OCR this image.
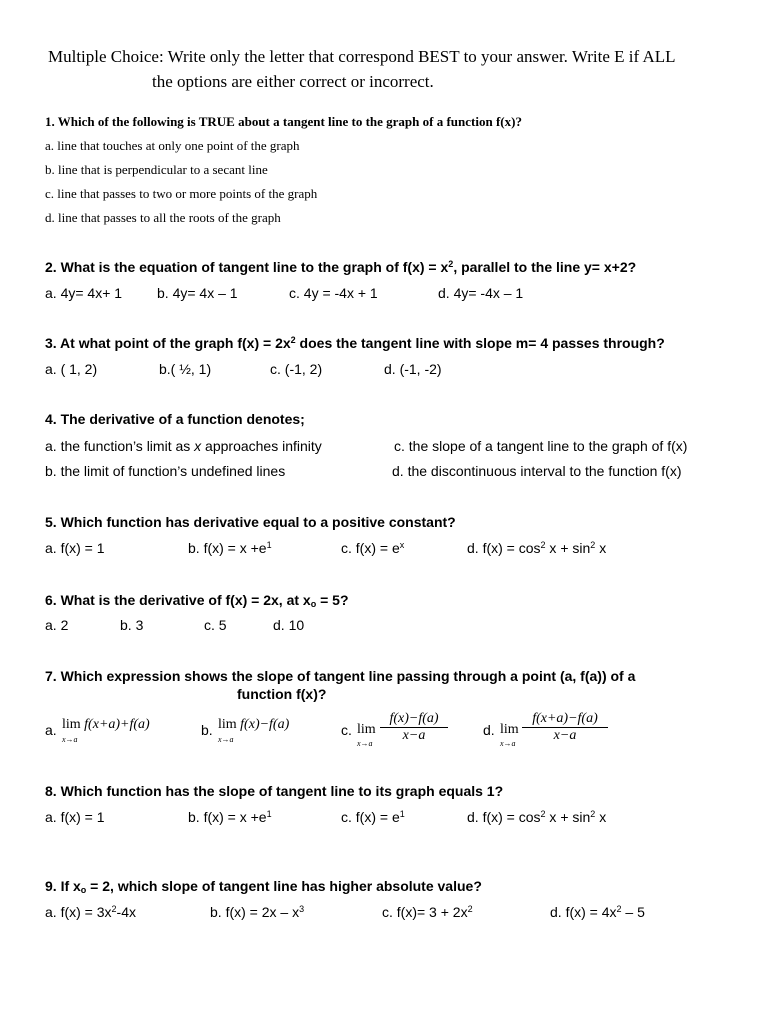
Multiple Choice: Write only the letter that correspond BEST to your answer. Write E if ALL
the options are either correct or incorrect.
1. Which of the following is TRUE about a tangent line to the graph of a function f(x)?
a. line that touches at only one point of the graph
b. line that is perpendicular to a secant line
c. line that passes to two or more points of the graph
d. line that passes to all the roots of the graph
2. What is the equation of tangent line to the graph of $f(x) = x^2$, parallel to the line y= x+2?
a. 4y= 4x+ 1 b. 4y= 4x – 1	c. 4y = -4x + 1	d. 4y= -4x – 1
3. At what point of the graph $f(x) = 2x^2$ does the tangent line with slope m= 4 passes through?
a. ( 1, 2)	b.( ½, 1)	c. (-1, 2)	d. (-1, -2)
4. The derivative of a function denotes;
a. the function’s limit as x approaches infinity
b. the limit of function’s undefined lines
c. the slope of a tangent line to the graph of f(x)
d. the discontinuous interval to the function f(x)
5. Which function has derivative equal to a positive constant?
a. f(x) = 1	b. $f(x) = x +e^1$	c. $f(x) = e^x$	d. $f(x) = \cos^2 x + \sin^2 x$
6. What is the derivative of f(x) = 2x, at $x_o = 5$?
a. 2	b. 3	c. 5	d. 10
7. Which expression shows the slope of tangent line passing through a point (a, f(a)) of a
function f(x)?
a. lim f(x+a)+f(a)
x→a
b. lim f(x)−f(a)
x→a
c. lim
$x\to a \frac{f(x)-f(a)}{x-a}$	d. lim
$x\to a \frac{f(x+a)-f(a)}{x-a}$
8. Which function has the slope of tangent line to its graph equals 1?
a. f(x) = 1	b. $f(x) = x +e^1$	c. $f(x) = e^1$	d. $f(x) = \cos^2 x + \sin^2 x$
9. If $x_o = 2$, which slope of tangent line has higher absolute value?
a. $f(x) = 3x^2-4x$	b. $f(x) = 2x - x^3$	c. $f(x)= 3 + 2x^2$	d. $f(x) = 4x^2 - 5$
